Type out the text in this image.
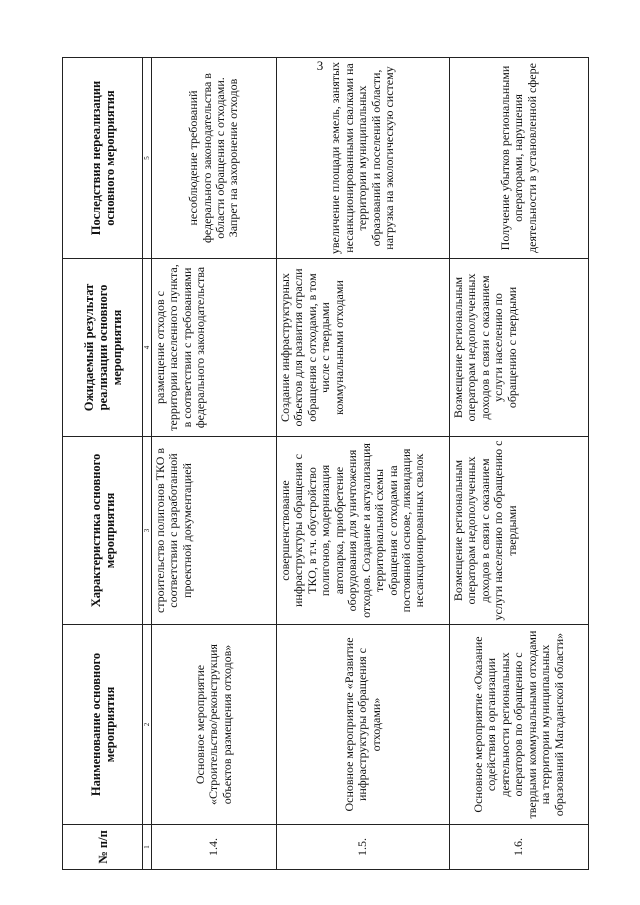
3
№ п/п	Наименование основного мероприятия	Характеристика основного мероприятия	Ожидаемый результат реализации основного мероприятия	Последствия нереализации основного мероприятия
1	2	3	4	5
1.4.	Основное мероприятие «Строительство/реконструкция объектов размещения отходов»	строительство полигонов ТКО в соответствии с разработанной проектной документацией	размещение отходов с территории населенного пункта, в соответствии с требованиями федерального законодательства	несоблюдение требований федерального законодательства в области обращения с отходами. Запрет на захоронение отходов
1.5.	Основное мероприятие «Развитие инфраструктуры обращения с отходами»	совершенствование инфраструктуры обращения с ТКО, в т.ч. обустройство полигонов, модернизация автопарка, приобретение оборудования для уничтожения отходов. Создание и актуализация территориальной схемы обращения с отходами на постоянной основе, ликвидация несанкционированных свалок	Создание инфраструктурных объектов для развития отрасли обращения с отходами, в том числе с твердыми коммунальными отходами	увеличение площади земель, занятых несанкционированными свалками на территории муниципальных образований и поселений области, нагрузка на экологическую систему
1.6.	Основное мероприятие «Оказание содействия в организации деятельности региональных операторов по обращению с твердыми коммунальными отходами на территории муниципальных образований Магаданской области»	Возмещение региональным операторам недополученных доходов в связи с оказанием услуги населению по обращению с твердыми	Возмещение региональным операторам недополученных доходов в связи с оказанием услуги населению по обращению с твердыми	Получение убытков региональными операторами, нарушения деятельности в установленной сфере
